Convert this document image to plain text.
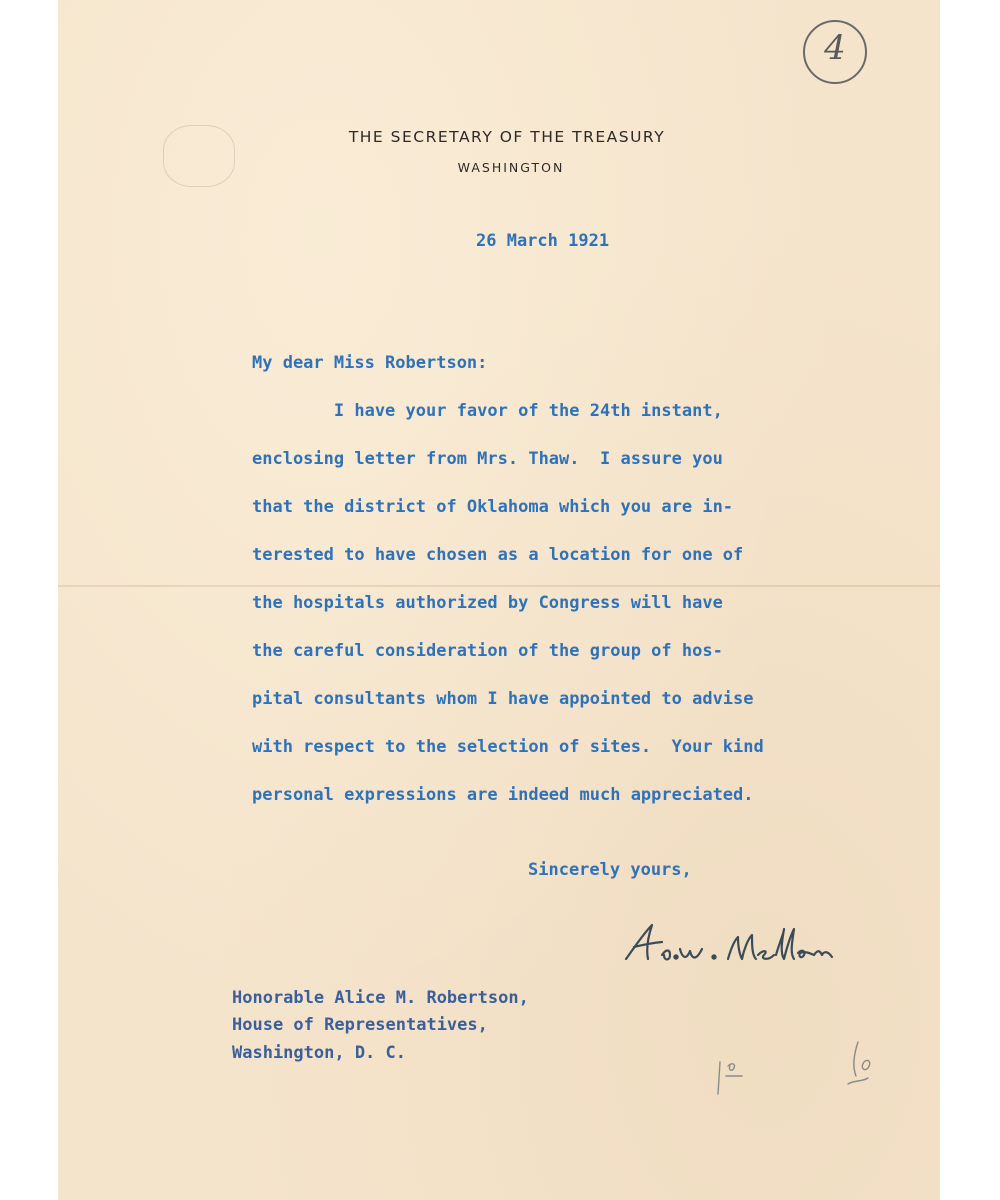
4
THE SECRETARY OF THE TREASURY
WASHINGTON
26 March 1921
My dear Miss Robertson:
I have your favor of the 24th instant,
enclosing letter from Mrs. Thaw.  I assure you
that the district of Oklahoma which you are in-
terested to have chosen as a location for one of
the hospitals authorized by Congress will have
the careful consideration of the group of hos-
pital consultants whom I have appointed to advise
with respect to the selection of sites.  Your kind
personal expressions are indeed much appreciated.
Sincerely yours,
Honorable Alice M. Robertson,
House of Representatives,
Washington, D. C.
